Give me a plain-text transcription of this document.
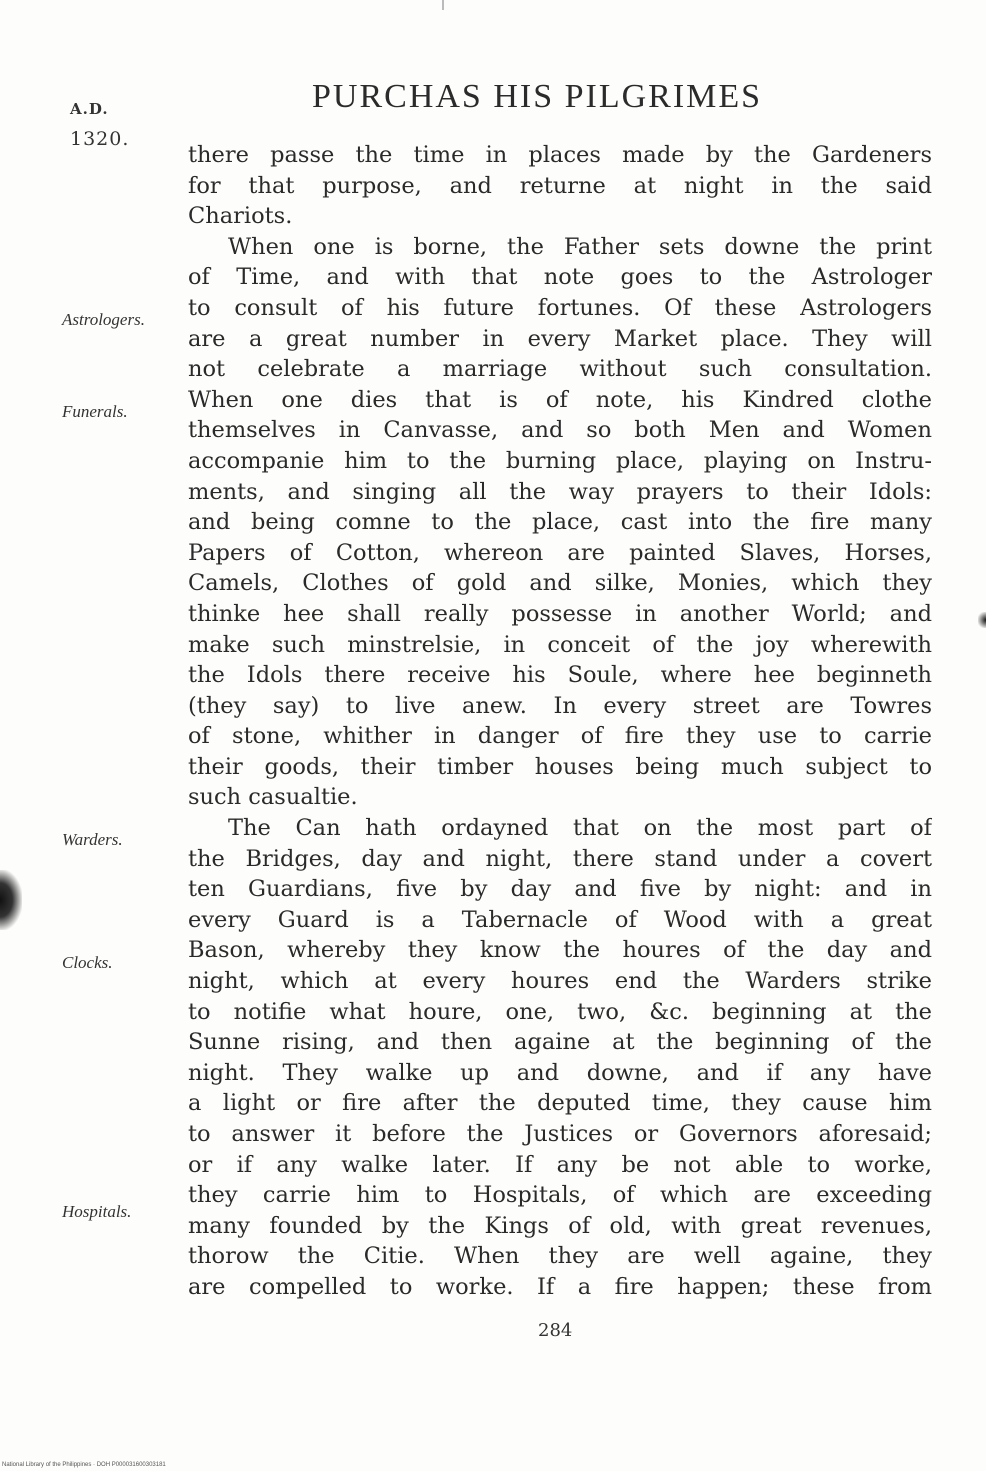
A.D.
1320.
PURCHAS HIS PILGRIMES
there passe the time in places made by the Gardeners
for that purpose, and returne at night in the said
Chariots.
When one is borne, the Father sets downe the print
of Time, and with that note goes to the Astrologer
to consult of his future fortunes. Of these Astrologers
are a great number in every Market place. They will
not celebrate a marriage without such consultation.
When one dies that is of note, his Kindred clothe
themselves in Canvasse, and so both Men and Women
accompanie him to the burning place, playing on Instru-
ments, and singing all the way prayers to their Idols:
and being comne to the place, cast into the fire many
Papers of Cotton, whereon are painted Slaves, Horses,
Camels, Clothes of gold and silke, Monies, which they
thinke hee shall really possesse in another World; and
make such minstrelsie, in conceit of the joy wherewith
the Idols there receive his Soule, where hee beginneth
(they say) to live anew. In every street are Towres
of stone, whither in danger of fire they use to carrie
their goods, their timber houses being much subject to
such casualtie.
The Can hath ordayned that on the most part of
the Bridges, day and night, there stand under a covert
ten Guardians, five by day and five by night: and in
every Guard is a Tabernacle of Wood with a great
Bason, whereby they know the houres of the day and
night, which at every houres end the Warders strike
to notifie what houre, one, two, &c. beginning at the
Sunne rising, and then againe at the beginning of the
night. They walke up and downe, and if any have
a light or fire after the deputed time, they cause him
to answer it before the Justices or Governors aforesaid;
or if any walke later. If any be not able to worke,
they carrie him to Hospitals, of which are exceeding
many founded by the Kings of old, with great revenues,
thorow the Citie. When they are well againe, they
are compelled to worke. If a fire happen; these from
Astrologers.
Funerals.
Warders.
Clocks.
Hospitals.
284
National Library of the Philippines · DOH P000031600303181
